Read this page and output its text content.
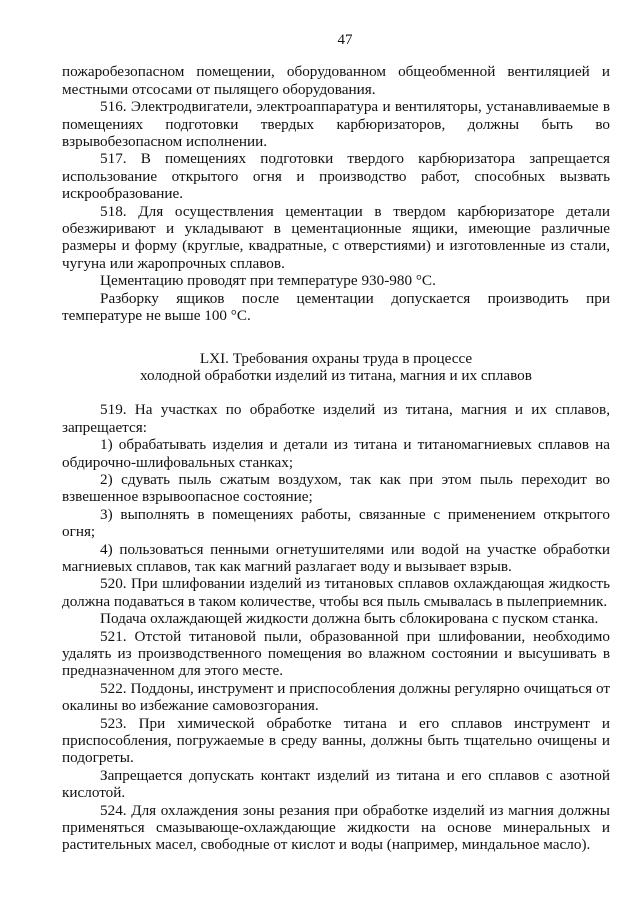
47

пожаробезопасном помещении, оборудованном общеобменной вентиляцией и местными отсосами от пылящего оборудования.

516. Электродвигатели, электроаппаратура и вентиляторы, устанавливаемые в помещениях подготовки твердых карбюризаторов, должны быть во взрывобезопасном исполнении.

517. В помещениях подготовки твердого карбюризатора запрещается использование открытого огня и производство работ, способных вызвать искрообразование.

518. Для осуществления цементации в твердом карбюризаторе детали обезжиривают и укладывают в цементационные ящики, имеющие различные размеры и форму (круглые, квадратные, с отверстиями) и изготовленные из стали, чугуна или жаропрочных сплавов.

Цементацию проводят при температуре 930-980 °С.

Разборку ящиков после цементации допускается производить при температуре не выше 100 °С.

LXI. Требования охраны труда в процессе
холодной обработки изделий из титана, магния и их сплавов

519. На участках по обработке изделий из титана, магния и их сплавов, запрещается:

1) обрабатывать изделия и детали из титана и титаномагниевых сплавов на обдирочно-шлифовальных станках;

2) сдувать пыль сжатым воздухом, так как при этом пыль переходит во взвешенное взрывоопасное состояние;

3) выполнять в помещениях работы, связанные с применением открытого огня;

4) пользоваться пенными огнетушителями или водой на участке обработки магниевых сплавов, так как магний разлагает воду и вызывает взрыв.

520. При шлифовании изделий из титановых сплавов охлаждающая жидкость должна подаваться в таком количестве, чтобы вся пыль смывалась в пылеприемник.

Подача охлаждающей жидкости должна быть сблокирована с пуском станка.

521. Отстой титановой пыли, образованной при шлифовании, необходимо удалять из производственного помещения во влажном состоянии и высушивать в предназначенном для этого месте.

522. Поддоны, инструмент и приспособления должны регулярно очищаться от окалины во избежание самовозгорания.

523. При химической обработке титана и его сплавов инструмент и приспособления, погружаемые в среду ванны, должны быть тщательно очищены и подогреты.

Запрещается допускать контакт изделий из титана и его сплавов с азотной кислотой.

524. Для охлаждения зоны резания при обработке изделий из магния должны применяться смазывающе-охлаждающие жидкости на основе минеральных и растительных масел, свободные от кислот и воды (например, миндальное масло).
